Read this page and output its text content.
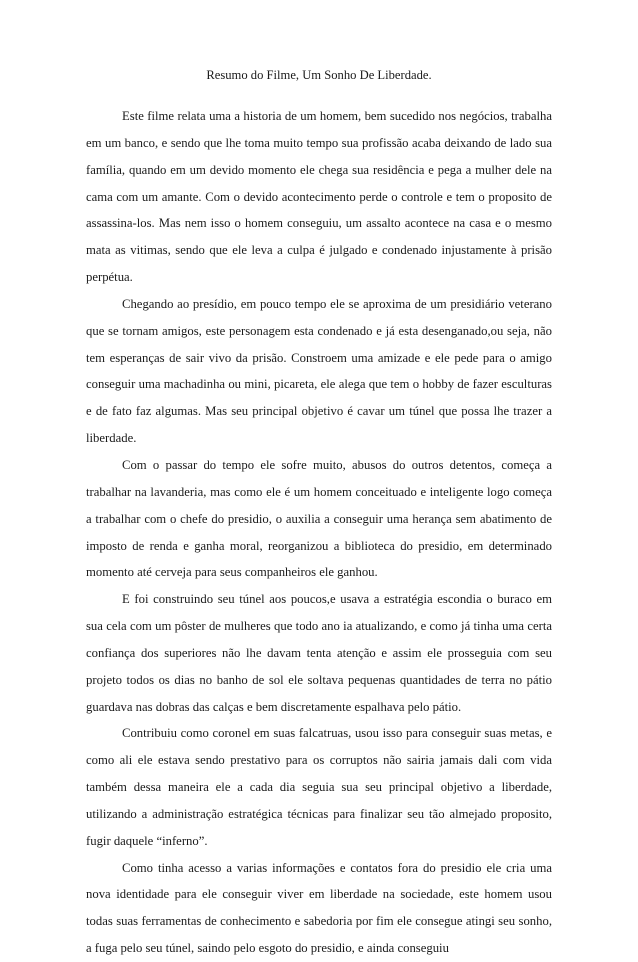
Resumo do Filme, Um Sonho De Liberdade.

Este filme relata uma a historia de um homem, bem sucedido nos negócios, trabalha em um banco, e sendo que lhe toma muito tempo sua profissão acaba deixando de lado sua família, quando em um devido momento ele chega sua residência e pega a mulher dele na cama com um amante. Com o devido acontecimento perde o controle e tem o proposito de assassina-los. Mas nem isso o homem conseguiu, um assalto acontece na casa e o mesmo mata as vitimas, sendo que ele leva a culpa é julgado e condenado injustamente à prisão perpétua.

Chegando ao presídio, em pouco tempo ele se aproxima de um presidiário veterano que se tornam amigos, este personagem esta condenado e já esta desenganado,ou seja, não tem esperanças de sair vivo da prisão. Constroem uma amizade e ele pede para o amigo conseguir uma machadinha ou mini, picareta, ele alega que tem o hobby de fazer esculturas e de fato faz algumas. Mas seu principal objetivo é cavar um túnel que possa lhe trazer a liberdade.

Com o passar do tempo ele sofre muito, abusos do outros detentos, começa a trabalhar na lavanderia, mas como ele é um homem conceituado e inteligente logo começa a trabalhar com o chefe do presidio, o auxilia a conseguir uma herança sem abatimento de imposto de renda e ganha moral, reorganizou a biblioteca do presidio, em determinado momento até cerveja para seus companheiros ele ganhou.

E foi construindo seu túnel aos poucos,e usava a estratégia escondia o buraco em sua cela com um pôster de mulheres que todo ano ia atualizando, e como já tinha uma certa confiança dos superiores não lhe davam tenta atenção e assim ele prosseguia com seu projeto todos os dias no banho de sol ele soltava pequenas quantidades de terra no pátio guardava nas dobras das calças e bem discretamente espalhava pelo pátio.

Contribuiu como coronel em suas falcatruas, usou isso para conseguir suas metas, e como ali ele estava sendo prestativo para os corruptos não sairia jamais dali com vida também dessa maneira ele a cada dia seguia sua seu principal objetivo a liberdade, utilizando a administração estratégica técnicas para finalizar seu tão almejado proposito, fugir daquele “inferno”.

Como tinha acesso a varias informações e contatos fora do presidio ele cria uma nova identidade para ele conseguir viver em liberdade na sociedade, este homem usou todas suas ferramentas de conhecimento e sabedoria por fim ele consegue atingi seu sonho, a fuga pelo seu túnel, saindo pelo esgoto do presidio, e ainda conseguiu
